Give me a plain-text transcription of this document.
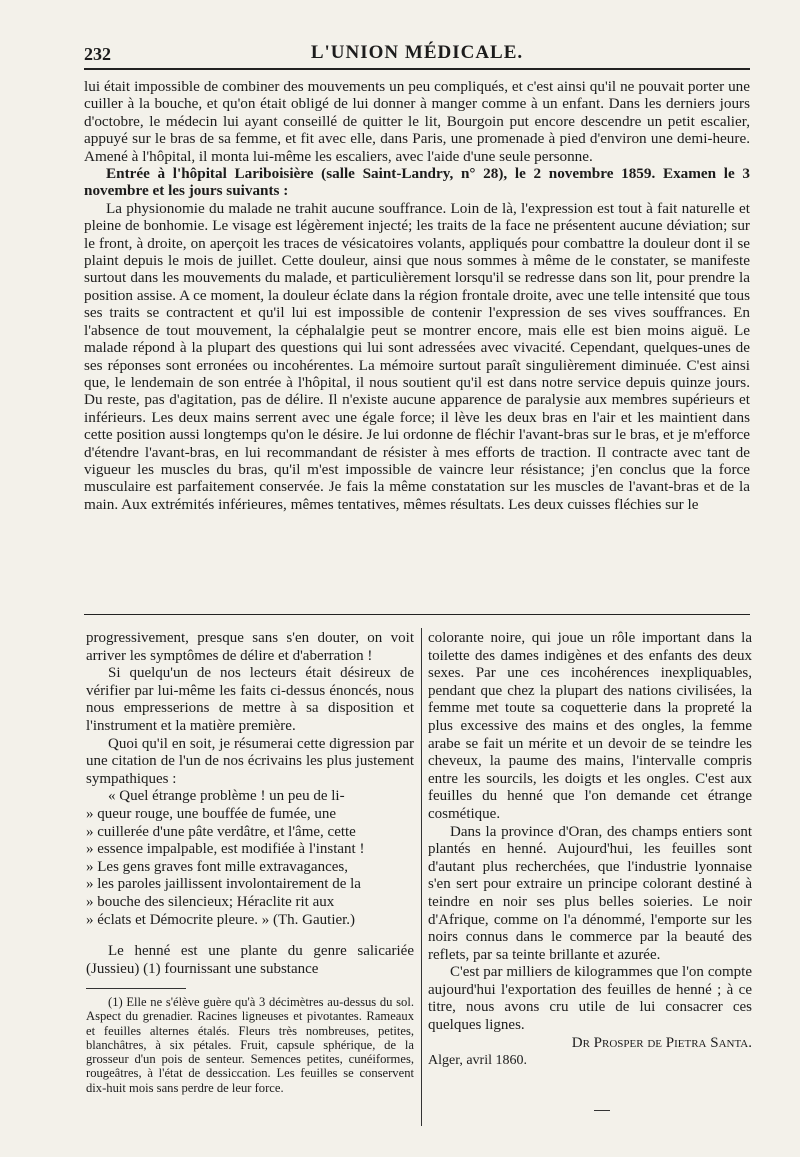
232	L'UNION MÉDICALE.

lui était impossible de combiner des mouvements un peu compliqués, et c'est ainsi qu'il ne pouvait porter une cuiller à la bouche, et qu'on était obligé de lui donner à manger comme à un enfant. Dans les derniers jours d'octobre, le médecin lui ayant conseillé de quitter le lit, Bourgoin put encore descendre un petit escalier, appuyé sur le bras de sa femme, et fit avec elle, dans Paris, une promenade à pied d'environ une demi-heure. Amené à l'hôpital, il monta lui-même les escaliers, avec l'aide d'une seule personne.

Entrée à l'hôpital Lariboisière (salle Saint-Landry, n° 28), le 2 novembre 1859. Examen le 3 novembre et les jours suivants :

La physionomie du malade ne trahit aucune souffrance. Loin de là, l'expression est tout à fait naturelle et pleine de bonhomie. Le visage est légèrement injecté; les traits de la face ne présentent aucune déviation; sur le front, à droite, on aperçoit les traces de vésicatoires volants, appliqués pour combattre la douleur dont il se plaint depuis le mois de juillet. Cette douleur, ainsi que nous sommes à même de le constater, se manifeste surtout dans les mouvements du malade, et particulièrement lorsqu'il se redresse dans son lit, pour prendre la position assise. A ce moment, la douleur éclate dans la région frontale droite, avec une telle intensité que tous ses traits se contractent et qu'il lui est impossible de contenir l'expression de ses vives souffrances. En l'absence de tout mouvement, la céphalalgie peut se montrer encore, mais elle est bien moins aiguë. Le malade répond à la plupart des questions qui lui sont adressées avec vivacité. Cependant, quelques-unes de ses réponses sont erronées ou incohérentes. La mémoire surtout paraît singulièrement diminuée. C'est ainsi que, le lendemain de son entrée à l'hôpital, il nous soutient qu'il est dans notre service depuis quinze jours. Du reste, pas d'agitation, pas de délire. Il n'existe aucune apparence de paralysie aux membres supérieurs et inférieurs. Les deux mains serrent avec une égale force; il lève les deux bras en l'air et les maintient dans cette position aussi longtemps qu'on le désire. Je lui ordonne de fléchir l'avant-bras sur le bras, et je m'efforce d'étendre l'avant-bras, en lui recommandant de résister à mes efforts de traction. Il contracte avec tant de vigueur les muscles du bras, qu'il m'est impossible de vaincre leur résistance; j'en conclus que la force musculaire est parfaitement conservée. Je fais la même constatation sur les muscles de l'avant-bras et de la main. Aux extrémités inférieures, mêmes tentatives, mêmes résultats. Les deux cuisses fléchies sur le

progressivement, presque sans s'en douter, on voit arriver les symptômes de délire et d'aberration !

Si quelqu'un de nos lecteurs était désireux de vérifier par lui-même les faits ci-dessus énoncés, nous nous empresserions de mettre à sa disposition et l'instrument et la matière première.

Quoi qu'il en soit, je résumerai cette digression par une citation de l'un de nos écrivains les plus justement sympathiques :

« Quel étrange problème ! un peu de li-
» queur rouge, une bouffée de fumée, une
» cuillerée d'une pâte verdâtre, et l'âme, cette
» essence impalpable, est modifiée à l'instant !
» Les gens graves font mille extravagances,
» les paroles jaillissent involontairement de la
» bouche des silencieux; Héraclite rit aux
» éclats et Démocrite pleure. » (Th. Gautier.)

Le henné est une plante du genre salicariée (Jussieu) (1) fournissant une substance

(1) Elle ne s'élève guère qu'à 3 décimètres au-dessus du sol. Aspect du grenadier. Racines ligneuses et pivotantes. Rameaux et feuilles alternes étalés. Fleurs très nombreuses, petites, blanchâtres, à six pétales. Fruit, capsule sphérique, de la grosseur d'un pois de senteur. Semences petites, cunéiformes, rougeâtres, à l'état de dessiccation. Les feuilles se conservent dix-huit mois sans perdre de leur force.

colorante noire, qui joue un rôle important dans la toilette des dames indigènes et des enfants des deux sexes. Par une ces incohérences inexpliquables, pendant que chez la plupart des nations civilisées, la femme met toute sa coquetterie dans la propreté la plus excessive des mains et des ongles, la femme arabe se fait un mérite et un devoir de se teindre les cheveux, la paume des mains, l'intervalle compris entre les sourcils, les doigts et les ongles. C'est aux feuilles du henné que l'on demande cet étrange cosmétique.

Dans la province d'Oran, des champs entiers sont plantés en henné. Aujourd'hui, les feuilles sont d'autant plus recherchées, que l'industrie lyonnaise s'en sert pour extraire un principe colorant destiné à teindre en noir ses plus belles soieries. Le noir d'Afrique, comme on l'a dénommé, l'emporte sur les noirs connus dans le commerce par la beauté des reflets, par sa teinte brillante et azurée.

C'est par milliers de kilogrammes que l'on compte aujourd'hui l'exportation des feuilles de henné ; à ce titre, nous avons cru utile de lui consacrer ces quelques lignes.

Dr Prosper de Pietra Santa.

Alger, avril 1860.
